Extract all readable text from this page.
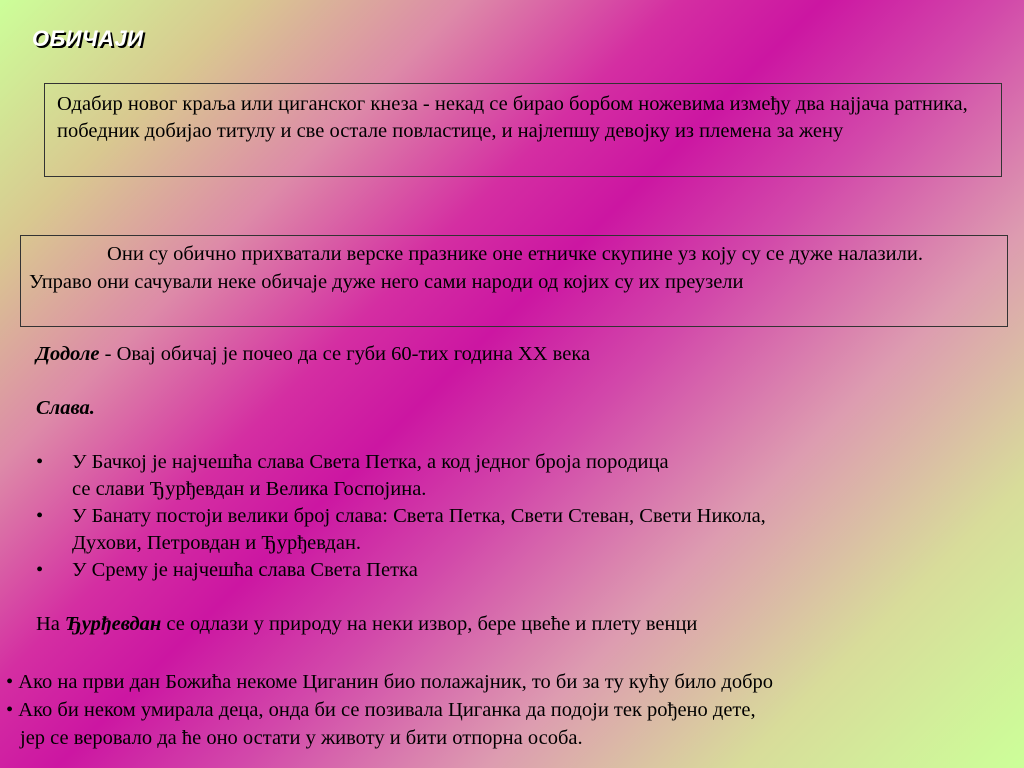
ОБИЧАЈИ
Одабир новог краља или циганског кнеза - некад се бирао борбом ножевима између два најјача ратника, победник добијао титулу и све остале повластице, и најлепшу девојку из племена за жену
Они су обично прихватали верске празнике оне етничке скупине уз коју су се дуже налазили.
Управо они сачували неке обичаје дуже него сами народи од којих су их преузели

Додоле - Овај обичај је почео да се губи 60-тих година XX века

Слава.

•	У Бачкој је најчешћа слава Света Петка, а код једног броја породица
се слави Ђурђевдан и Велика Госпојина.
•	У Банату постоји велики број слава: Света Петка, Свети Стеван, Свети Никола,
Духови, Петровдан и Ђурђевдан.
•	У Срему је најчешћа слава Света Петка

На Ђурђевдан се одлази у природу на неки извор, бере цвеће и плету венци

• Ако на први дан Божића некоме Циганин био полажајник, то би за ту кућу било добро
• Ако би неком умирала деца, онда би се позивала Циганка да подоји тек рођено дете,
јер се веровало да ће оно остати у животу и бити отпорна особа.
